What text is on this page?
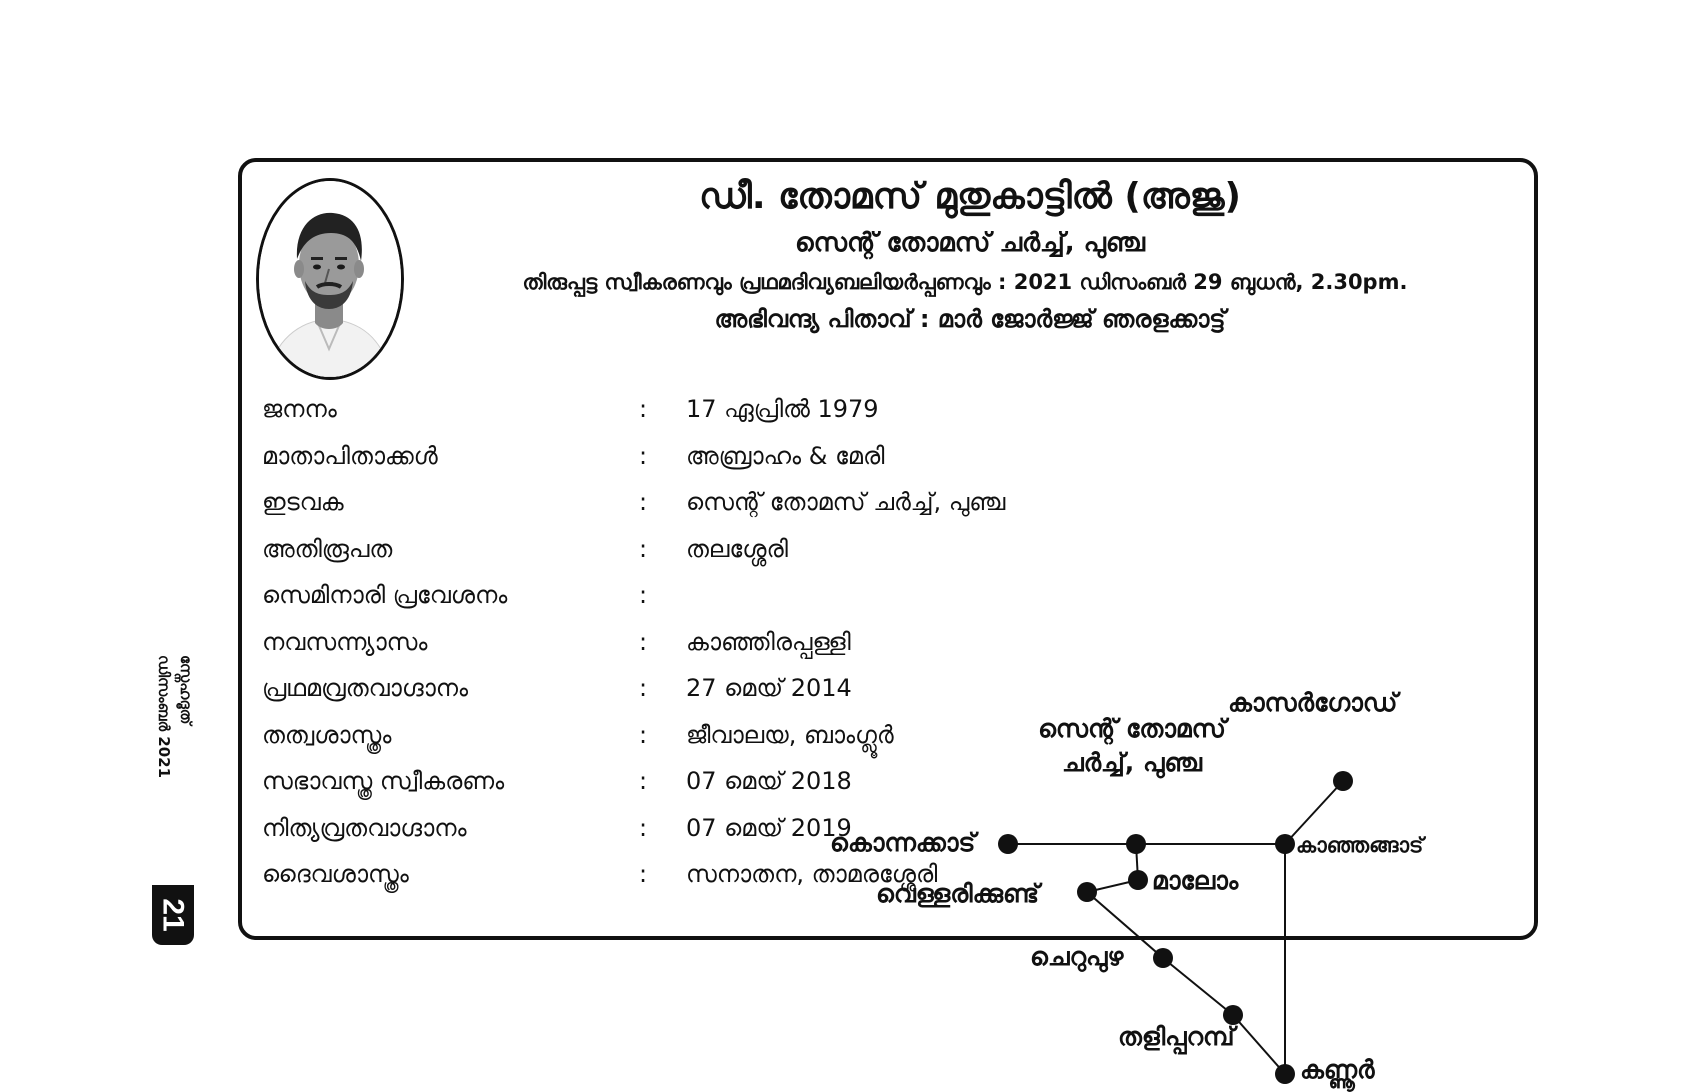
സ്നേഹദൂത്
ഡിസംബർ 2021
21
ഡീ. തോമസ് മുതുകാട്ടിൽ (അജു)
സെന്റ് തോമസ് ചർച്ച്, പുഞ്ച
തിരുപ്പട്ട സ്വീകരണവും പ്രഥമദിവ്യബലിയർപ്പണവും : 2021 ഡിസംബർ 29 ബുധൻ, 2.30pm.
അഭിവന്ദ്യ പിതാവ് : മാർ ജോർജ്ജ് ഞരളക്കാട്ട്
ജനനം	: 17 ഏപ്രിൽ 1979
മാതാപിതാക്കൾ	: അബ്രാഹം & മേരി
ഇടവക	: സെന്റ് തോമസ് ചർച്ച്, പുഞ്ച
അതിരൂപത	: തലശ്ശേരി
സെമിനാരി പ്രവേശനം	:
നവസന്ന്യാസം	: കാഞ്ഞിരപ്പള്ളി
പ്രഥമവ്രതവാഗ്ദാനം	: 27 മെയ് 2014
തത്വശാസ്ത്രം	: ജീവാലയ, ബാംഗ്ലൂർ
സഭാവസ്ത്ര സ്വീകരണം	: 07 മെയ് 2018
നിത്യവ്രതവാഗ്ദാനം	: 07 മെയ് 2019
ദൈവശാസ്ത്രം	: സനാതന, താമരശ്ശേരി
കാസർഗോഡ്
സെന്റ് തോമസ്
ചർച്ച്, പുഞ്ച
കൊന്നക്കാട്	കാഞ്ഞങ്ങാട്
മാലോം
വെള്ളരിക്കുണ്ട്
ചെറുപുഴ
തളിപ്പറമ്പ്
കണ്ണൂർ
